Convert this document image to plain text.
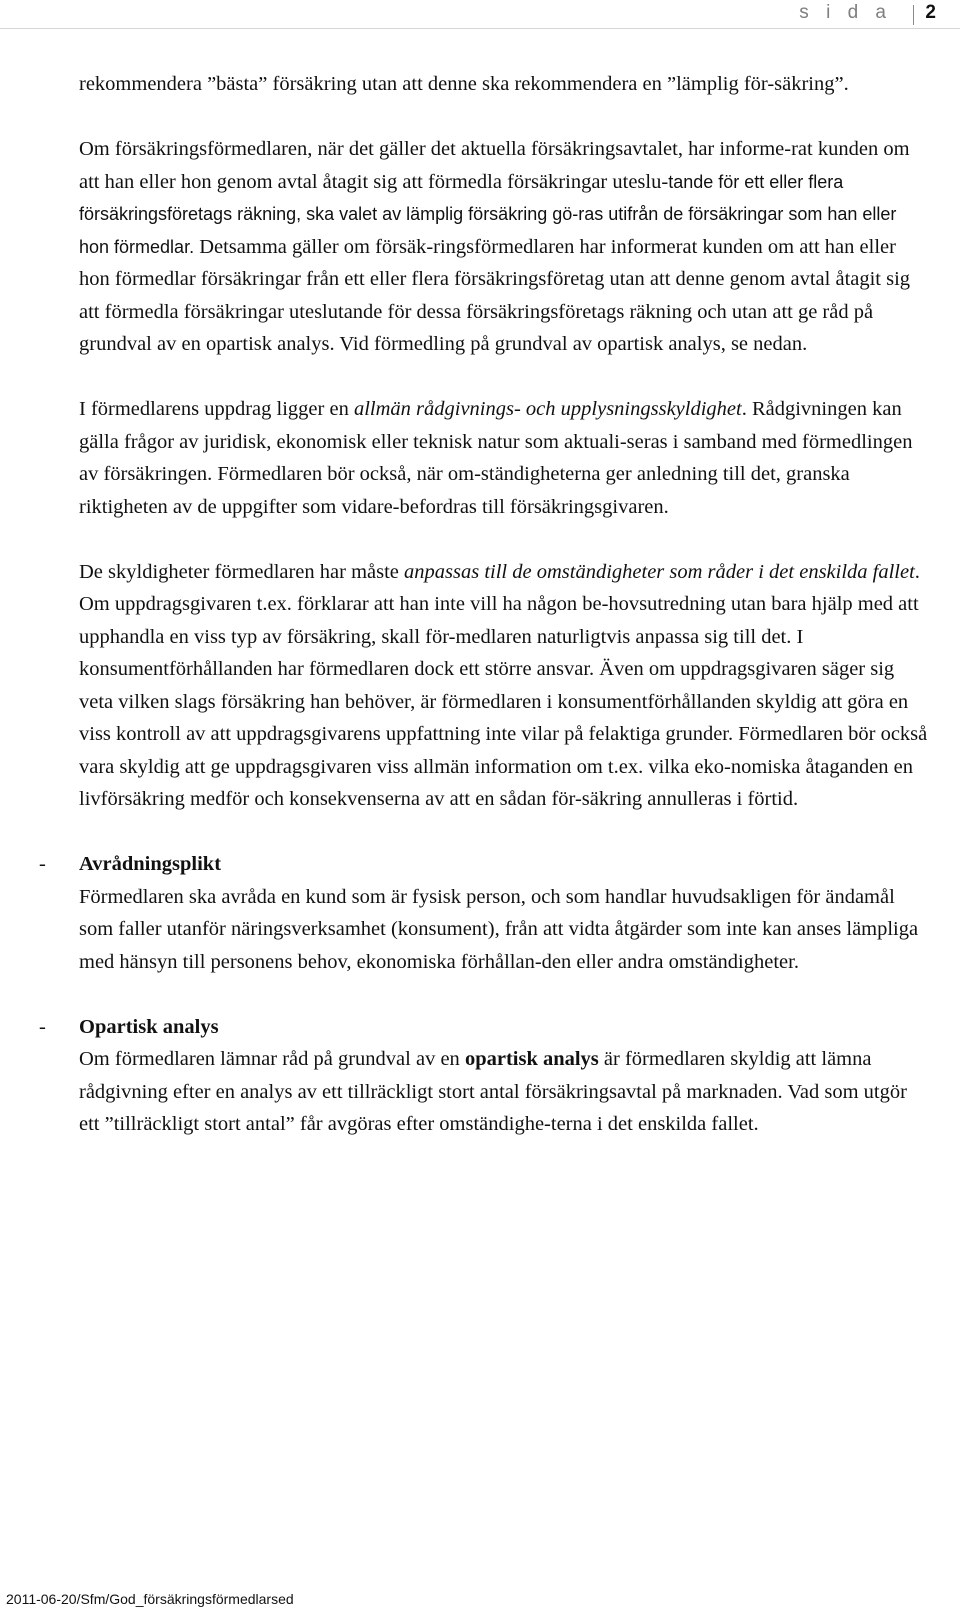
s i d a 2

rekommendera ”bästa” försäkring utan att denne ska rekommendera en ”lämplig för-säkring”.

Om försäkringsförmedlaren, när det gäller det aktuella försäkringsavtalet, har informe-rat kunden om att han eller hon genom avtal åtagit sig att förmedla försäkringar uteslu-tande för ett eller flera försäkringsföretags räkning, ska valet av lämplig försäkring gö-ras utifrån de försäkringar som han eller hon förmedlar. Detsamma gäller om försäk-ringsförmedlaren har informerat kunden om att han eller hon förmedlar försäkringar från ett eller flera försäkringsföretag utan att denne genom avtal åtagit sig att förmedla försäkringar uteslutande för dessa försäkringsföretags räkning och utan att ge råd på grundval av en opartisk analys. Vid förmedling på grundval av opartisk analys, se nedan.

I förmedlarens uppdrag ligger en allmän rådgivnings- och upplysningsskyldighet. Rådgivningen kan gälla frågor av juridisk, ekonomisk eller teknisk natur som aktuali-seras i samband med förmedlingen av försäkringen. Förmedlaren bör också, när om-ständigheterna ger anledning till det, granska riktigheten av de uppgifter som vidare-befordras till försäkringsgivaren.

De skyldigheter förmedlaren har måste anpassas till de omständigheter som råder i det enskilda fallet. Om uppdragsgivaren t.ex. förklarar att han inte vill ha någon be-hovsutredning utan bara hjälp med att upphandla en viss typ av försäkring, skall för-medlaren naturligtvis anpassa sig till det. I konsumentförhållanden har förmedlaren dock ett större ansvar. Även om uppdragsgivaren säger sig veta vilken slags försäkring han behöver, är förmedlaren i konsumentförhållanden skyldig att göra en viss kontroll av att uppdragsgivarens uppfattning inte vilar på felaktiga grunder. Förmedlaren bör också vara skyldig att ge uppdragsgivaren viss allmän information om t.ex. vilka eko-nomiska åtaganden en livförsäkring medför och konsekvenserna av att en sådan för-säkring annulleras i förtid.

- Avrådningsplikt
Förmedlaren ska avråda en kund som är fysisk person, och som handlar huvudsakligen för ändamål som faller utanför näringsverksamhet (konsument), från att vidta åtgärder som inte kan anses lämpliga med hänsyn till personens behov, ekonomiska förhållan-den eller andra omständigheter.
- Opartisk analys
Om förmedlaren lämnar råd på grundval av en opartisk analys är förmedlaren skyldig att lämna rådgivning efter en analys av ett tillräckligt stort antal försäkringsavtal på marknaden. Vad som utgör ett ”tillräckligt stort antal” får avgöras efter omständighe-terna i det enskilda fallet.
2011-06-20/Sfm/God_försäkringsförmedlarsed
